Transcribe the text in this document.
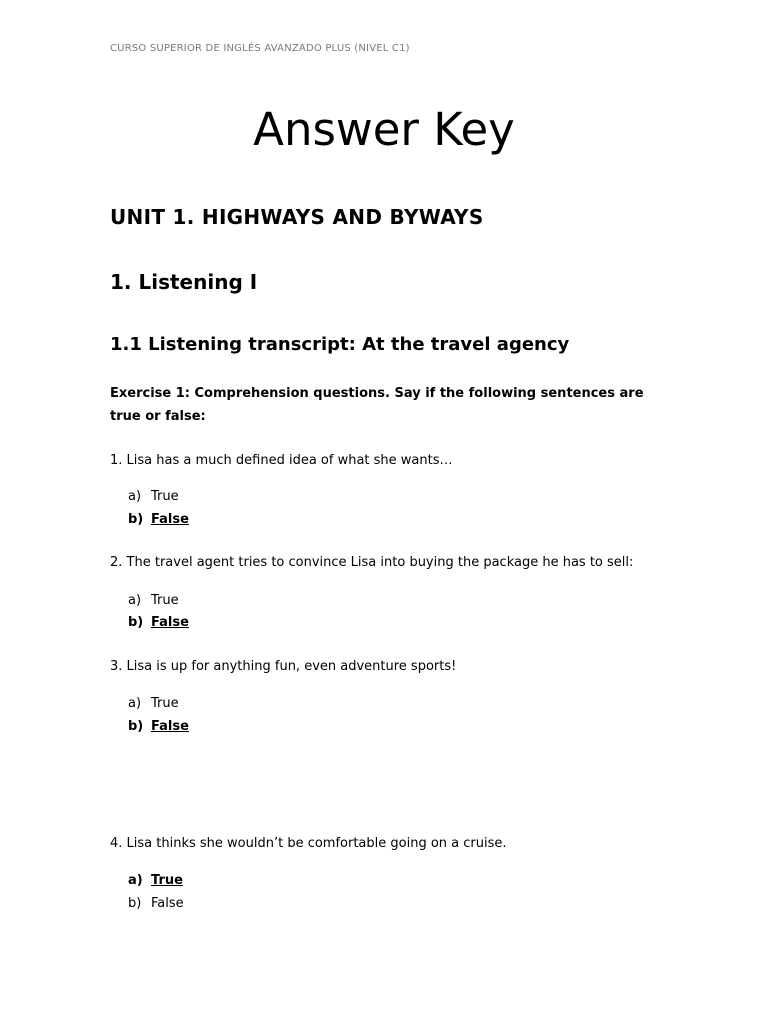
CURSO SUPERIOR DE INGLÉS AVANZADO PLUS (NIVEL C1)
Answer Key
UNIT 1. HIGHWAYS AND BYWAYS
1. Listening I
1.1 Listening transcript: At the travel agency
Exercise 1: Comprehension questions. Say if the following sentences are
true or false:
1. Lisa has a much defined idea of what she wants…
a) True
b) False
2. The travel agent tries to convince Lisa into buying the package he has to sell:
a) True
b) False
3. Lisa is up for anything fun, even adventure sports!
a) True
b) False
4. Lisa thinks she wouldn’t be comfortable going on a cruise.
a) True
b) False
